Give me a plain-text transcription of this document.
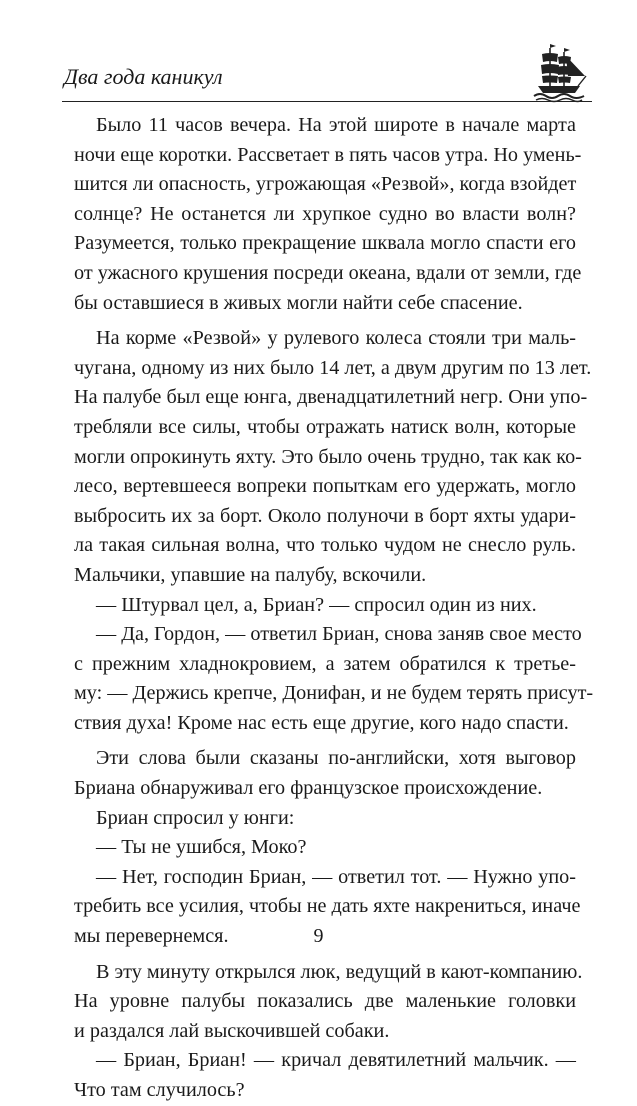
Два года каникул

Было 11 часов вечера. На этой широте в начале марта

ночи еще коротки. Рассветает в пять часов утра. Но умень-

шится ли опасность, угрожающая «Резвой», когда взойдет

солнце? Не останется ли хрупкое судно во власти волн?

Разумеется, только прекращение шквала могло спасти его

от ужасного крушения посреди океана, вдали от земли, где

бы оставшиеся в живых могли найти себе спасение.

На корме «Резвой» у рулевого колеса стояли три маль-

чугана, одному из них было 14 лет, а двум другим по 13 лет.

На палубе был еще юнга, двенадцатилетний негр. Они упо-

требляли все силы, чтобы отражать натиск волн, которые

могли опрокинуть яхту. Это было очень трудно, так как ко-

лесо, вертевшееся вопреки попыткам его удержать, могло

выбросить их за борт. Около полуночи в борт яхты удари-

ла такая сильная волна, что только чудом не снесло руль.

Мальчики, упавшие на палубу, вскочили.

— Штурвал цел, а, Бриан? — спросил один из них.

— Да, Гордон, — ответил Бриан, снова заняв свое место

с прежним хладнокровием, а затем обратился к третье-

му: — Держись крепче, Донифан, и не будем терять присут-

ствия духа! Кроме нас есть еще другие, кого надо спасти.

Эти слова были сказаны по-английски, хотя выговор

Бриана обнаруживал его французское происхождение.

Бриан спросил у юнги:

— Ты не ушибся, Моко?

— Нет, господин Бриан, — ответил тот. — Нужно упо-

требить все усилия, чтобы не дать яхте накрениться, иначе

мы перевернемся.

В эту минуту открылся люк, ведущий в кают-компанию.

На уровне палубы показались две маленькие головки

и раздался лай выскочившей собаки.

— Бриан, Бриан! — кричал девятилетний мальчик. —

Что там случилось?

9
